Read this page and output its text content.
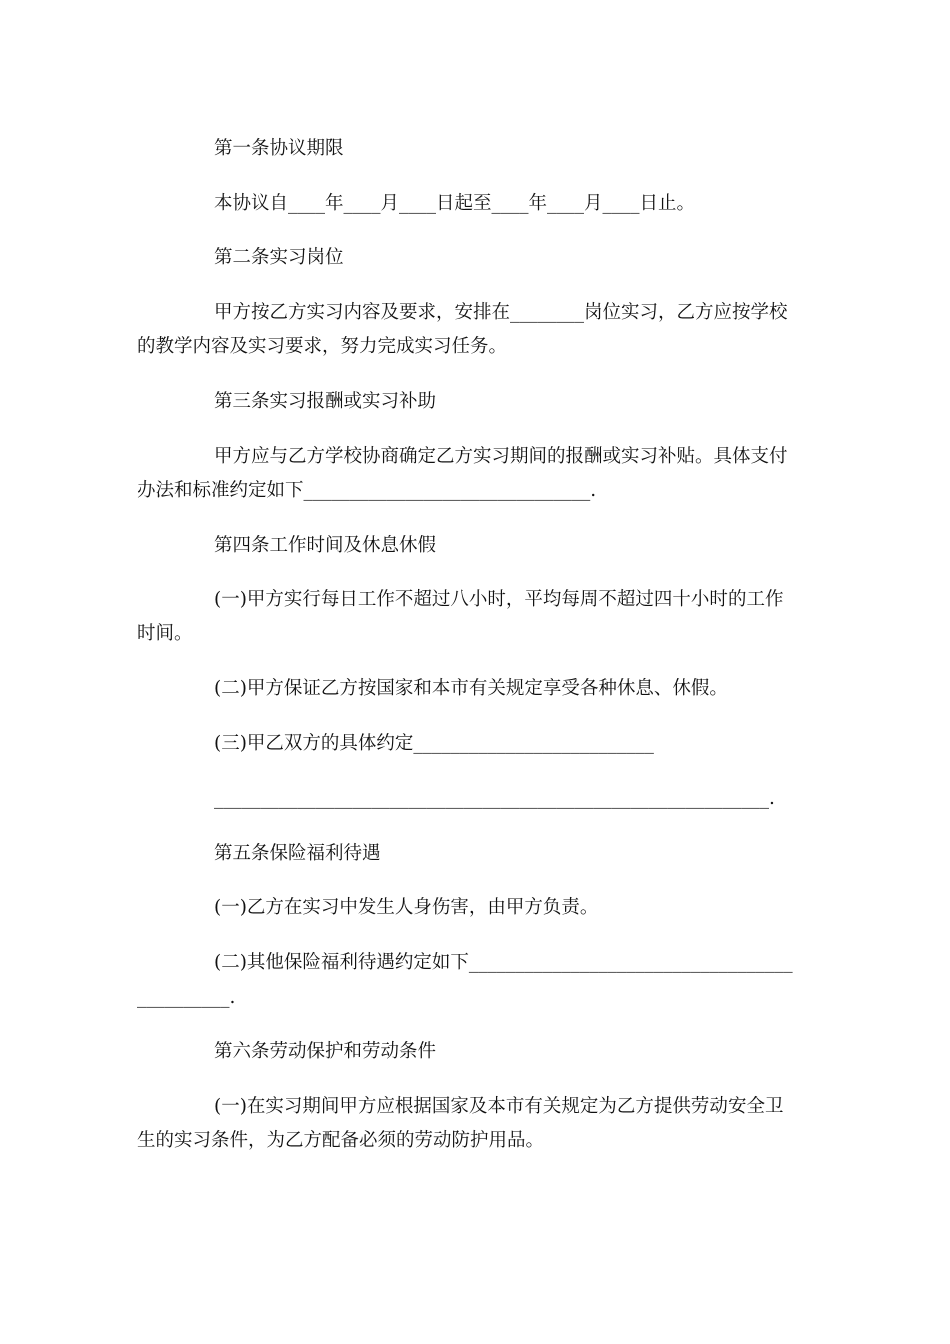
第一条协议期限

本协议自____年____月____日起至____年____月____日止。

第二条实习岗位

甲方按乙方实习内容及要求，安排在________岗位实习，乙方应按学校

的教学内容及实习要求，努力完成实习任务。

第三条实习报酬或实习补助

甲方应与乙方学校协商确定乙方实习期间的报酬或实习补贴。具体支付

办法和标准约定如下_______________________________.

第四条工作时间及休息休假

(一)甲方实行每日工作不超过八小时，平均每周不超过四十小时的工作

时间。

(二)甲方保证乙方按国家和本市有关规定享受各种休息、休假。

(三)甲乙双方的具体约定__________________________

____________________________________________________________.

第五条保险福利待遇

(一)乙方在实习中发生人身伤害，由甲方负责。

(二)其他保险福利待遇约定如下___________________________________

__________.

第六条劳动保护和劳动条件

(一)在实习期间甲方应根据国家及本市有关规定为乙方提供劳动安全卫

生的实习条件，为乙方配备必须的劳动防护用品。
